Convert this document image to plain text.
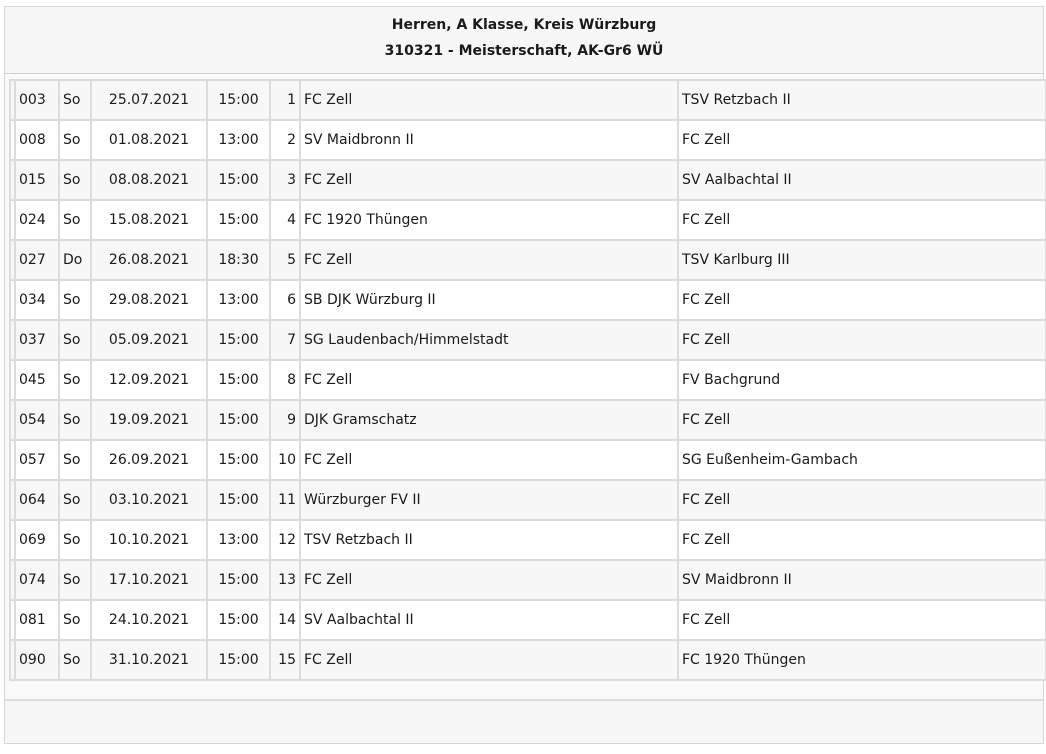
Herren, A Klasse, Kreis Würzburg
310321 - Meisterschaft, AK-Gr6 WÜ
	003	So	25.07.2021	15:00	1	FC Zell	TSV Retzbach II
	008	So	01.08.2021	13:00	2	SV Maidbronn II	FC Zell
	015	So	08.08.2021	15:00	3	FC Zell	SV Aalbachtal II
	024	So	15.08.2021	15:00	4	FC 1920 Thüngen	FC Zell
	027	Do	26.08.2021	18:30	5	FC Zell	TSV Karlburg III
	034	So	29.08.2021	13:00	6	SB DJK Würzburg II	FC Zell
	037	So	05.09.2021	15:00	7	SG Laudenbach/Himmelstadt	FC Zell
	045	So	12.09.2021	15:00	8	FC Zell	FV Bachgrund
	054	So	19.09.2021	15:00	9	DJK Gramschatz	FC Zell
	057	So	26.09.2021	15:00	10	FC Zell	SG Eußenheim-Gambach
	064	So	03.10.2021	15:00	11	Würzburger FV II	FC Zell
	069	So	10.10.2021	13:00	12	TSV Retzbach II	FC Zell
	074	So	17.10.2021	15:00	13	FC Zell	SV Maidbronn II
	081	So	24.10.2021	15:00	14	SV Aalbachtal II	FC Zell
	090	So	31.10.2021	15:00	15	FC Zell	FC 1920 Thüngen
